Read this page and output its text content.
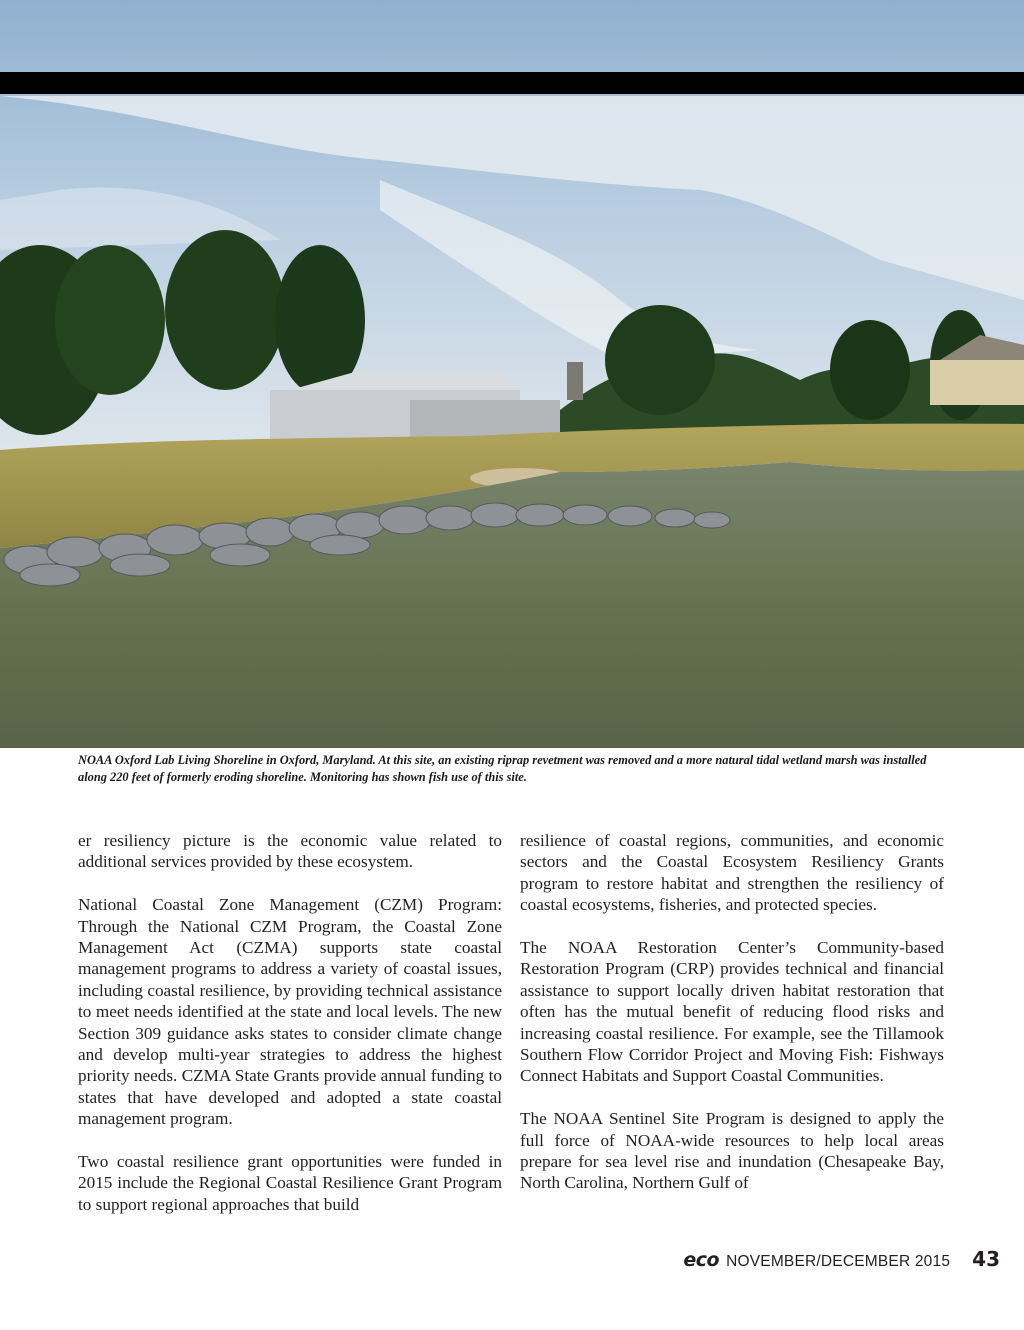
NOAA Oxford Lab Living Shoreline in Oxford, Maryland. At this site, an existing riprap revetment was removed and a more natural tidal wetland marsh was installed along 220 feet of formerly eroding shoreline. Monitoring has shown fish use of this site.

er resiliency picture is the economic value related to additional services provided by these ecosystem.

National Coastal Zone Management (CZM) Program: Through the National CZM Program, the Coastal Zone Management Act (CZMA) supports state coastal management programs to address a variety of coastal issues, including coastal resilience, by providing technical assistance to meet needs identified at the state and local levels. The new Section 309 guidance asks states to consider climate change and develop multi-year strategies to address the highest priority needs. CZMA State Grants provide annual funding to states that have developed and adopted a state coastal management program.

Two coastal resilience grant opportunities were funded in 2015 include the Regional Coastal Resilience Grant Program to support regional approaches that build

resilience of coastal regions, communities, and economic sectors and the Coastal Ecosystem Resiliency Grants program to restore habitat and strengthen the resiliency of coastal ecosystems, fisheries, and protected species.

The NOAA Restoration Center’s Community-based Restoration Program (CRP) provides technical and financial assistance to support locally driven habitat restoration that often has the mutual benefit of reducing flood risks and increasing coastal resilience. For example, see the Tillamook Southern Flow Corridor Project and Moving Fish: Fishways Connect Habitats and Support Coastal Communities.

The NOAA Sentinel Site Program is designed to apply the full force of NOAA-wide resources to help local areas prepare for sea level rise and inundation (Chesapeake Bay, North Carolina, Northern Gulf of

eco NOVEMBER/DECEMBER 2015 43
